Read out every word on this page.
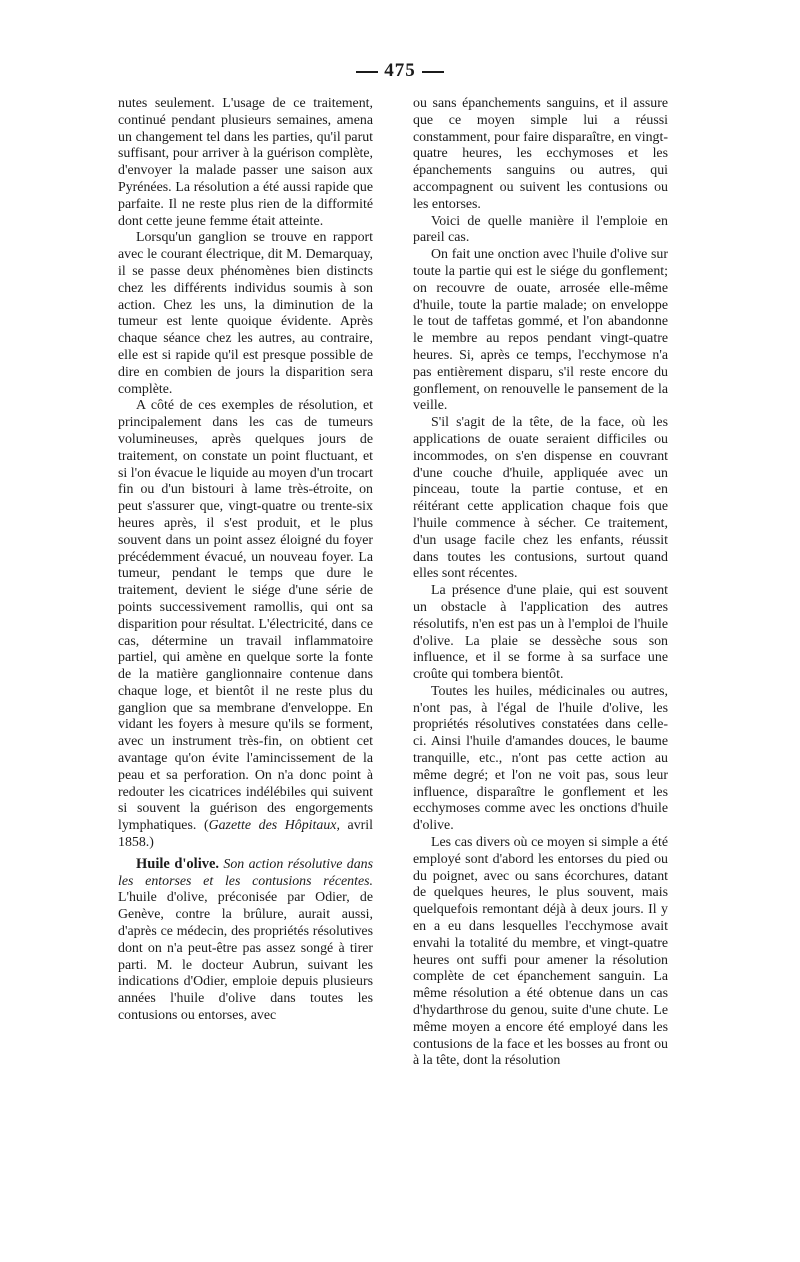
475

nutes seulement. L'usage de ce traitement, continué pendant plusieurs semaines, amena un changement tel dans les parties, qu'il parut suffisant, pour arriver à la guérison complète, d'envoyer la malade passer une saison aux Pyrénées. La résolution a été aussi rapide que parfaite. Il ne reste plus rien de la difformité dont cette jeune femme était atteinte.

Lorsqu'un ganglion se trouve en rapport avec le courant électrique, dit M. Demarquay, il se passe deux phénomènes bien distincts chez les différents individus soumis à son action. Chez les uns, la diminution de la tumeur est lente quoique évidente. Après chaque séance chez les autres, au contraire, elle est si rapide qu'il est presque possible de dire en combien de jours la disparition sera complète.

A côté de ces exemples de résolution, et principalement dans les cas de tumeurs volumineuses, après quelques jours de traitement, on constate un point fluctuant, et si l'on évacue le liquide au moyen d'un trocart fin ou d'un bistouri à lame très-étroite, on peut s'assurer que, vingt-quatre ou trente-six heures après, il s'est produit, et le plus souvent dans un point assez éloigné du foyer précédemment évacué, un nouveau foyer. La tumeur, pendant le temps que dure le traitement, devient le siége d'une série de points successivement ramollis, qui ont sa disparition pour résultat. L'électricité, dans ce cas, détermine un travail inflammatoire partiel, qui amène en quelque sorte la fonte de la matière ganglionnaire contenue dans chaque loge, et bientôt il ne reste plus du ganglion que sa membrane d'enveloppe. En vidant les foyers à mesure qu'ils se forment, avec un instrument très-fin, on obtient cet avantage qu'on évite l'amincissement de la peau et sa perforation. On n'a donc point à redouter les cicatrices indélébiles qui suivent si souvent la guérison des engorgements lymphatiques. (Gazette des Hôpitaux, avril 1858.)

Huile d'olive. Son action résolutive dans les entorses et les contusions récentes. L'huile d'olive, préconisée par Odier, de Genève, contre la brûlure, aurait aussi, d'après ce médecin, des propriétés résolutives dont on n'a peut-être pas assez songé à tirer parti. M. le docteur Aubrun, suivant les indications d'Odier, emploie depuis plusieurs années l'huile d'olive dans toutes les contusions ou entorses, avec

ou sans épanchements sanguins, et il assure que ce moyen simple lui a réussi constamment, pour faire disparaître, en vingt-quatre heures, les ecchymoses et les épanchements sanguins ou autres, qui accompagnent ou suivent les contusions ou les entorses.

Voici de quelle manière il l'emploie en pareil cas.

On fait une onction avec l'huile d'olive sur toute la partie qui est le siége du gonflement; on recouvre de ouate, arrosée elle-même d'huile, toute la partie malade; on enveloppe le tout de taffetas gommé, et l'on abandonne le membre au repos pendant vingt-quatre heures. Si, après ce temps, l'ecchymose n'a pas entièrement disparu, s'il reste encore du gonflement, on renouvelle le pansement de la veille.

S'il s'agit de la tête, de la face, où les applications de ouate seraient difficiles ou incommodes, on s'en dispense en couvrant d'une couche d'huile, appliquée avec un pinceau, toute la partie contuse, et en réitérant cette application chaque fois que l'huile commence à sécher. Ce traitement, d'un usage facile chez les enfants, réussit dans toutes les contusions, surtout quand elles sont récentes.

La présence d'une plaie, qui est souvent un obstacle à l'application des autres résolutifs, n'en est pas un à l'emploi de l'huile d'olive. La plaie se dessèche sous son influence, et il se forme à sa surface une croûte qui tombera bientôt.

Toutes les huiles, médicinales ou autres, n'ont pas, à l'égal de l'huile d'olive, les propriétés résolutives constatées dans celle-ci. Ainsi l'huile d'amandes douces, le baume tranquille, etc., n'ont pas cette action au même degré; et l'on ne voit pas, sous leur influence, disparaître le gonflement et les ecchymoses comme avec les onctions d'huile d'olive.

Les cas divers où ce moyen si simple a été employé sont d'abord les entorses du pied ou du poignet, avec ou sans écorchures, datant de quelques heures, le plus souvent, mais quelquefois remontant déjà à deux jours. Il y en a eu dans lesquelles l'ecchymose avait envahi la totalité du membre, et vingt-quatre heures ont suffi pour amener la résolution complète de cet épanchement sanguin. La même résolution a été obtenue dans un cas d'hydarthrose du genou, suite d'une chute. Le même moyen a encore été employé dans les contusions de la face et les bosses au front ou à la tête, dont la résolution
